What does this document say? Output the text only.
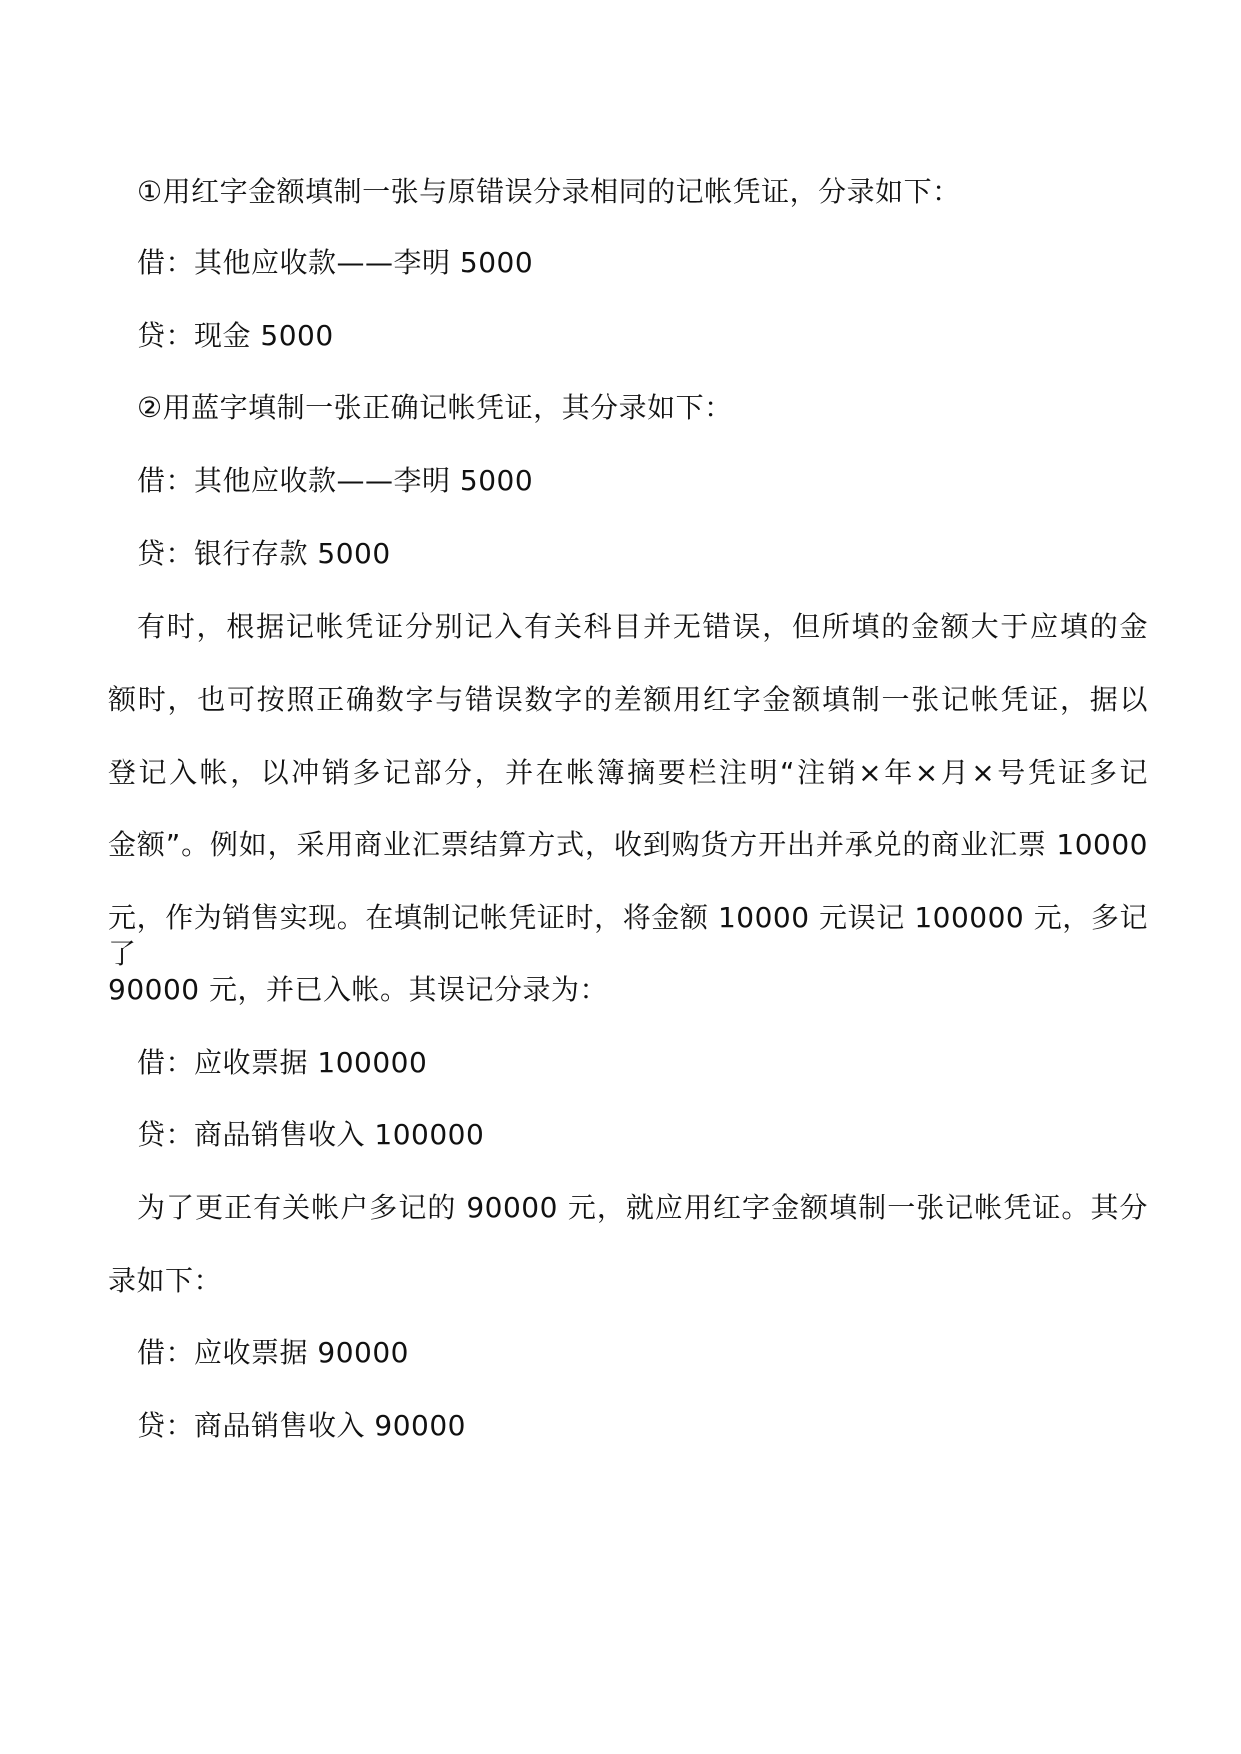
①用红字金额填制一张与原错误分录相同的记帐凭证，分录如下：
借：其他应收款——李明 5000
贷：现金 5000
②用蓝字填制一张正确记帐凭证，其分录如下：
借：其他应收款——李明 5000
贷：银行存款 5000
有时，根据记帐凭证分别记入有关科目并无错误，但所填的金额大于应填的金
额时，也可按照正确数字与错误数字的差额用红字金额填制一张记帐凭证，据以
登记入帐，以冲销多记部分，并在帐簿摘要栏注明“注销×年×月×号凭证多记
金额”。例如，采用商业汇票结算方式，收到购货方开出并承兑的商业汇票 10000
元，作为销售实现。在填制记帐凭证时，将金额 10000 元误记 100000 元，多记了
90000 元，并已入帐。其误记分录为：
借：应收票据 100000
贷：商品销售收入 100000
为了更正有关帐户多记的 90000 元，就应用红字金额填制一张记帐凭证。其分
录如下：
借：应收票据 90000
贷：商品销售收入 90000
